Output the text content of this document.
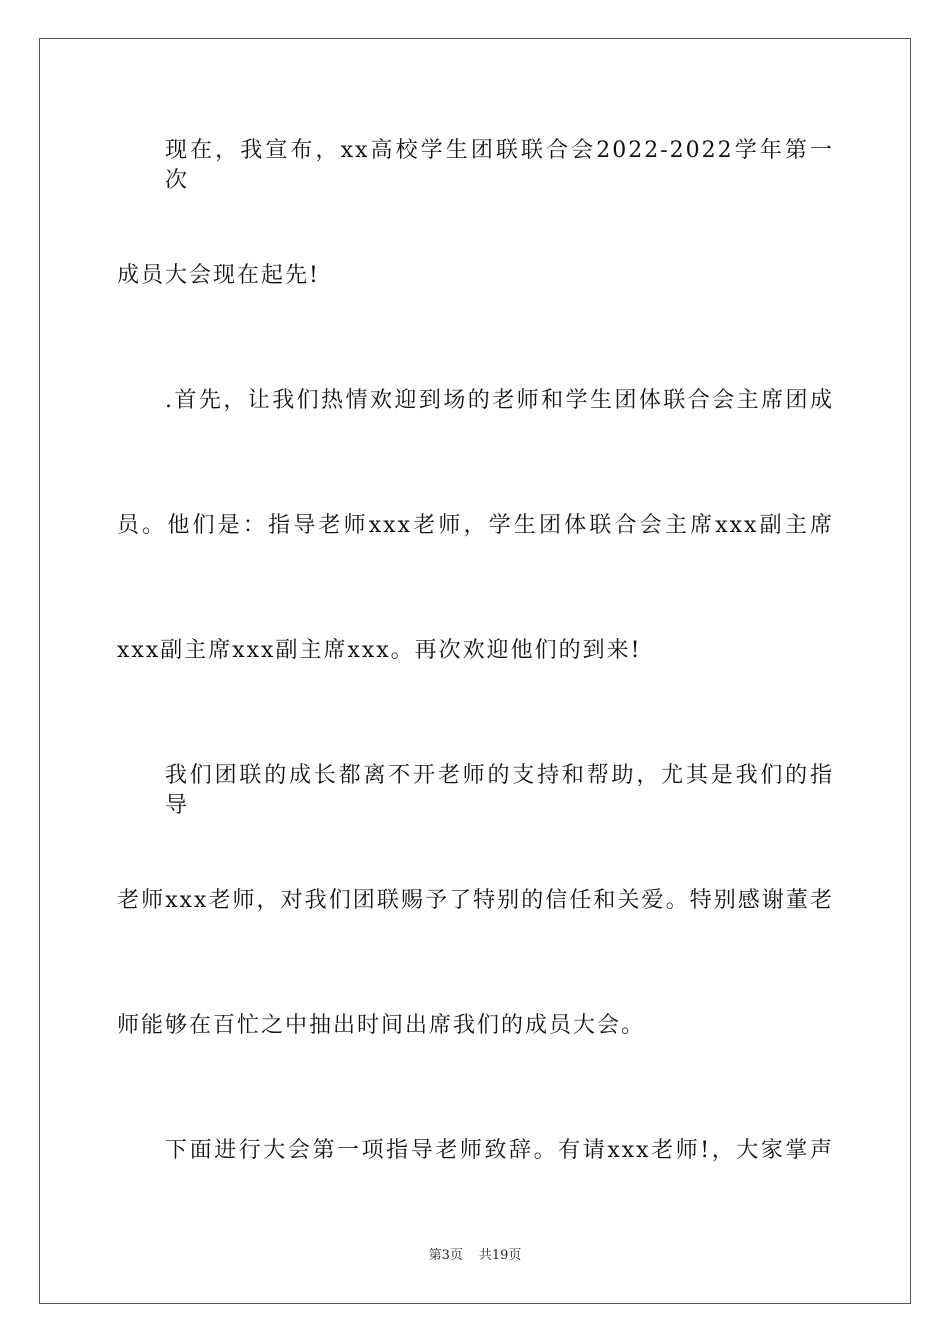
现在，我宣布，xx高校学生团联联合会2022-2022学年第一次
成员大会现在起先!
.首先，让我们热情欢迎到场的老师和学生团体联合会主席团成
员。他们是：指导老师xxx老师，学生团体联合会主席xxx副主席
xxx副主席xxx副主席xxx。再次欢迎他们的到来!
我们团联的成长都离不开老师的支持和帮助，尤其是我们的指导
老师xxx老师，对我们团联赐予了特别的信任和关爱。特别感谢董老
师能够在百忙之中抽出时间出席我们的成员大会。
下面进行大会第一项指导老师致辞。有请xxx老师!，大家掌声
第3页 共19页
